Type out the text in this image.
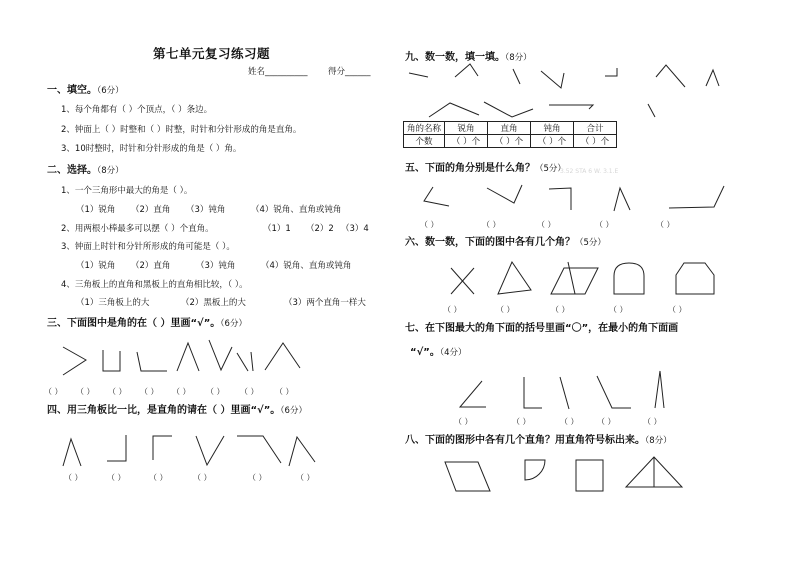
第七单元复习练习题
姓名__________ 得分______
一、填空。（6分）
1、每个角都有（ ）个顶点，（ ）条边。
2、钟面上（ ）时整和（ ）时整，时针和分针形成的角是直角。
3、10时整时，时针和分针形成的角是（ ）角。
二、选择。（8分）
1、一个三角形中最大的角是（ ）。
（1）锐角 （2）直角 （3）钝角	（4）锐角、直角或钝角
2、用两根小棒最多可以摆（ ）个直角。	（1）1 （2）2 （3）4
3、钟面上时针和分针所形成的角可能是（ ）。
（1）锐角 （2）直角	（3）钝角	（4）锐角、直角或钝角
4、三角板上的直角和黑板上的直角相比较，（ ）。
（1）三角板上的大	（2）黑板上的大	（3）两个直角一样大
三、下面图中是角的在（ ）里画“√”。（6分）
（ ） （ ） （ ） （ ） （ ） （ ） （ ） （ ）
四、用三角板比一比，是直角的请在（ ）里画“√”。（6分）
（ ）	（ ）	（ ）	（ ）	（ ）	（ ）
九、数一数，填一填。（8分）
角的名称	锐角	直角	钝角	合计
个数	（ ）个	（ ）个	（ ）个	（ ）个
3.52 STA 6 W. 3.1.E
五、下面的角分别是什么角？（5分）
（ ）	（ ）	（ ）	（ ）	（ ）
六、数一数，下面的图中各有几个角？（5分）
（ ）	（ ）	（ ）	（ ）	（ ）
七、在下图最大的角下面的括号里画“〇”，在最小的角下面画
“√”。（4分）
（ ）	（ ）	（ ） （ ）	（ ）
八、下面的图形中各有几个直角？用直角符号标出来。（8分）
